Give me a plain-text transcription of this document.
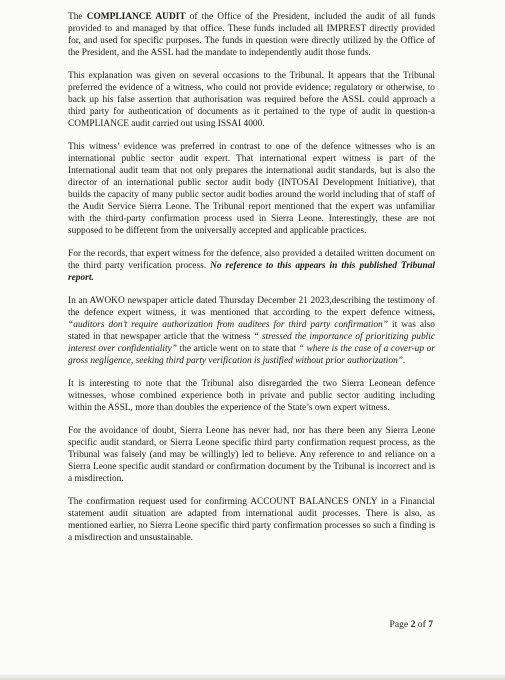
The COMPLIANCE AUDIT of the Office of the President, included the audit of all funds provided to and managed by that office. These funds included all IMPREST directly provided for, and used for specific purposes. The funds in question were directly utilized by the Office of the President, and the ASSL had the mandate to independently audit those funds.

This explanation was given on several occasions to the Tribunal. It appears that the Tribunal preferred the evidence of a witness, who could not provide evidence; regulatory or otherwise, to back up his false assertion that authorisation was required before the ASSL could approach a third party for authentication of documents as it pertained to the type of audit in question-a COMPLIANCE audit carried out using ISSAI 4000.

This witness’ evidence was preferred in contrast to one of the defence witnesses who is an international public sector audit expert. That international expert witness is part of the International audit team that not only prepares the international audit standards, but is also the director of an international public sector audit body (INTOSAI Development Initiative), that builds the capacity of many public sector audit bodies around the world including that of staff of the Audit Service Sierra Leone. The Tribunal report mentioned that the expert was unfamiliar with the third-party confirmation process used in Sierra Leone. Interestingly, these are not supposed to be different from the universally accepted and applicable practices.

For the records, that expert witness for the defence, also provided a detailed written document on the third party verification process. No reference to this appears in this published Tribunal report.

In an AWOKO newspaper article dated Thursday December 21 2023,describing the testimony of the defence expert witness, it was mentioned that according to the expert defence witness, “auditors don’t require authorization from auditees for third party confirmation” it was also stated in that newspaper article that the witness “ stressed the importance of prioritizing public interest over confidentiality” the article went on to state that “ where is the case of a cover-up or gross negligence, seeking third party verification is justified without prior authorization”.

It is interesting to note that the Tribunal also disregarded the two Sierra Leonean defence witnesses, whose combined experience both in private and public sector auditing including within the ASSL, more than doubles the experience of the State’s own expert witness.

For the avoidance of doubt, Sierra Leone has never had, nor has there been any Sierra Leone specific audit standard, or Sierra Leone specific third party confirmation request process, as the Tribunal was falsely (and may be willingly) led to believe. Any reference to and reliance on a Sierra Leone specific audit standard or confirmation document by the Tribunal is incorrect and is a misdirection.

The confirmation request used for confirming ACCOUNT BALANCES ONLY in a Financial statement audit situation are adapted from international audit processes. There is also, as mentioned earlier, no Sierra Leone specific third party confirmation processes so such a finding is a misdirection and unsustainable.

Page 2 of 7
